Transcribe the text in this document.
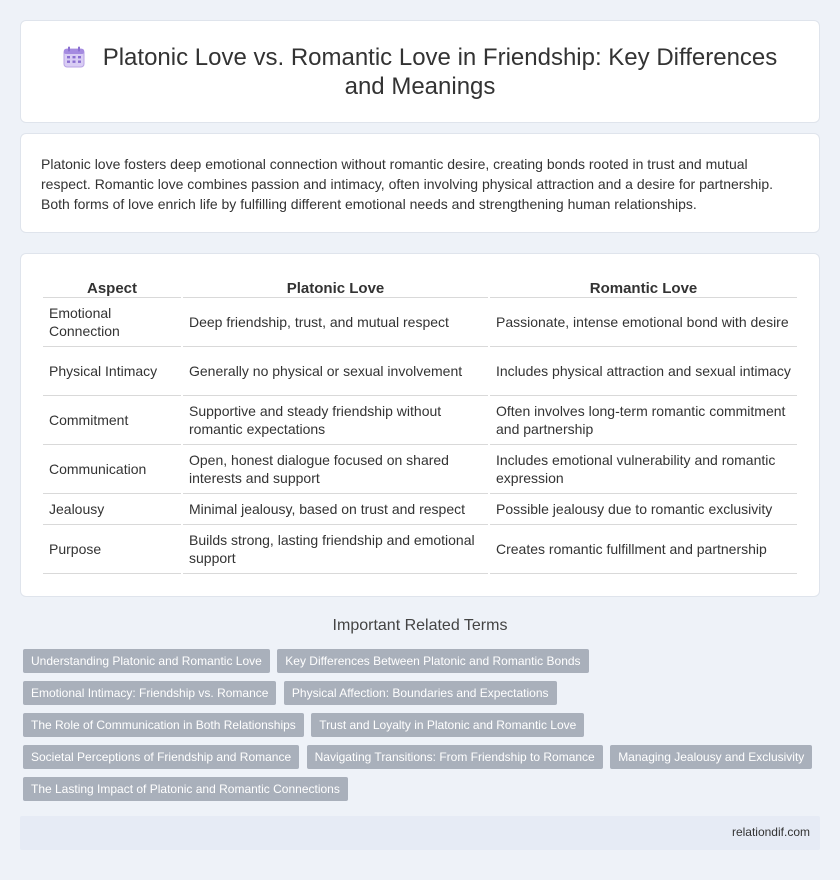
Platonic Love vs. Romantic Love in Friendship: Key Differences and Meanings

Platonic love fosters deep emotional connection without romantic desire, creating bonds rooted in trust and mutual respect. Romantic love combines passion and intimacy, often involving physical attraction and a desire for partnership. Both forms of love enrich life by fulfilling different emotional needs and strengthening human relationships.

Aspect	Platonic Love	Romantic Love
Emotional Connection	Deep friendship, trust, and mutual respect	Passionate, intense emotional bond with desire
Physical Intimacy	Generally no physical or sexual involvement	Includes physical attraction and sexual intimacy
Commitment	Supportive and steady friendship without romantic expectations	Often involves long-term romantic commitment and partnership
Communication	Open, honest dialogue focused on shared interests and support	Includes emotional vulnerability and romantic expression
Jealousy	Minimal jealousy, based on trust and respect	Possible jealousy due to romantic exclusivity
Purpose	Builds strong, lasting friendship and emotional support	Creates romantic fulfillment and partnership
Important Related Terms
Understanding Platonic and Romantic Love Key Differences Between Platonic and Romantic Bonds
Emotional Intimacy: Friendship vs. Romance Physical Affection: Boundaries and Expectations
The Role of Communication in Both Relationships Trust and Loyalty in Platonic and Romantic Love
Societal Perceptions of Friendship and Romance Navigating Transitions: From Friendship to Romance Managing Jealousy and Exclusivity
The Lasting Impact of Platonic and Romantic Connections
relationdif.com
